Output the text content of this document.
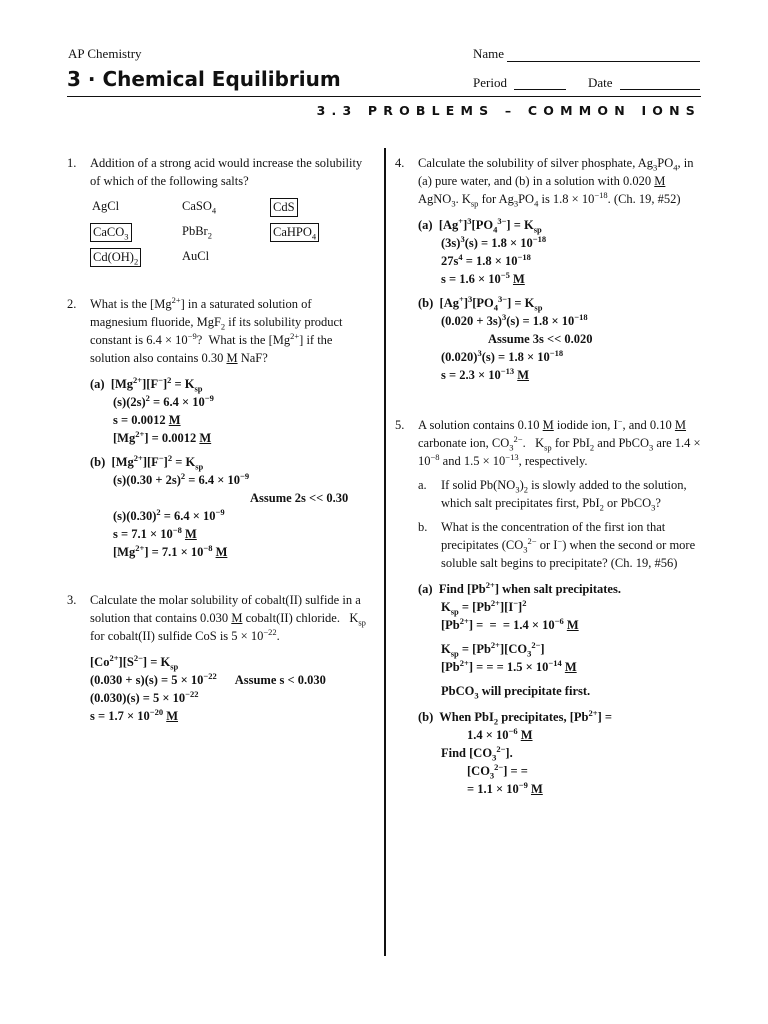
AP Chemistry
3 · Chemical Equilibrium
Name
Period	Date
3.3 PROBLEMS – COMMON IONS
1. Addition of a strong acid would increase the solubility of which of the following salts?
AgCl	CaSO$_4$	CdS
CaCO$_3$	PbBr$_2$	CaHPO$_4$
$Cd(OH)_2$	AuCl
2. What is the $[Mg^{2+}]$ in a saturated solution of magnesium fluoride, MgF$_2$ if its solubility product constant is $6.4 \times 10^{-9}$?  What is the $[Mg^{2+}]$ if the solution also contains 0.30 M NaF?
(a)  $[Mg^{2+}][F^-]^2 = K_{sp}$
$(s)(2s)^2 = 6.4 \times 10^{-9}$
s = 0.0012 M
$[Mg^{2+}] = 0.0012$ M
(b)  $[Mg^{2+}][F^-]^2 = K_{sp}$
$(s)(0.30 + 2s)^2 = 6.4 \times 10^{-9}$
Assume 2s << 0.30
$(s)(0.30)^2 = 6.4 \times 10^{-9}$
$s = 7.1 \times 10^{-8}$ M
$[Mg^{2+}] = 7.1 \times 10^{-8}$ M
3. Calculate the molar solubility of cobalt(II) sulfide in a solution that contains 0.030 M cobalt(II) chloride.   $K_{sp}$ for cobalt(II) sulfide CoS is $5 \times 10^{-22}$.
$[Co^{2+}][S^{2-}] = K_{sp}$
$(0.030 + s)(s) = 5 \times 10^{-22}$ Assume s < 0.030
$(0.030)(s) = 5 \times 10^{-22}$
$s = 1.7 \times 10^{-20}$ M
4. Calculate the solubility of silver phosphate, $Ag_3PO_4$, in (a) pure water, and (b) in a solution with 0.020 M AgNO$_3$. $K_{sp}$ for $Ag_3PO_4$ is $1.8 \times 10^{-18}$. (Ch. 19, #52)
(a)  $[Ag^+]^3[PO_4^{3-}] = K_{sp}$
$(3s)^3(s) = 1.8 \times 10^{-18}$
$27s^4 = 1.8 \times 10^{-18}$
$s = 1.6 \times 10^{-5}$ M
(b)  $[Ag^+]^3[PO_4^{3-}] = K_{sp}$
$(0.020 + 3s)^3(s) = 1.8 \times 10^{-18}$
Assume 3s << 0.020
$(0.020)^3(s) = 1.8 \times 10^{-18}$
$s = 2.3 \times 10^{-13}$ M
5. A solution contains 0.10 M iodide ion, I−, and 0.10 M carbonate ion, $CO_3^{2-}$.   $K_{sp}$ for PbI$_2$ and PbCO$_3$ are $1.4 \times 10^{-8}$ and $1.5 \times 10^{-13}$, respectively.
a. If solid $Pb(NO_3)_2$ is slowly added to the solution, which salt precipitates first, PbI$_2$ or PbCO$_3$?
b. What is the concentration of the first ion that precipitates ($CO_3^{2-}$ or I−) when the second or more soluble salt begins to precipitate? (Ch. 19, #56)
(a)  Find $[Pb^{2+}]$ when salt precipitates.
$K_{sp} = [Pb^{2+}][I^-]^2$
$[Pb^{2+}]$ =  =  = $1.4 \times 10^{-6}$ M
$K_{sp} = [Pb^{2+}][CO_3^{2-}]$
$[Pb^{2+}]$ = = = $1.5 \times 10^{-14}$ M
PbCO$_3$ will precipitate first.
(b)  When PbI$_2$ precipitates, $[Pb^{2+}]$ =
$1.4 \times 10^{-6}$ M
Find $[CO_3^{2-}]$.
$[CO_3^{2-}]$ = =
= $1.1 \times 10^{-9}$ M
